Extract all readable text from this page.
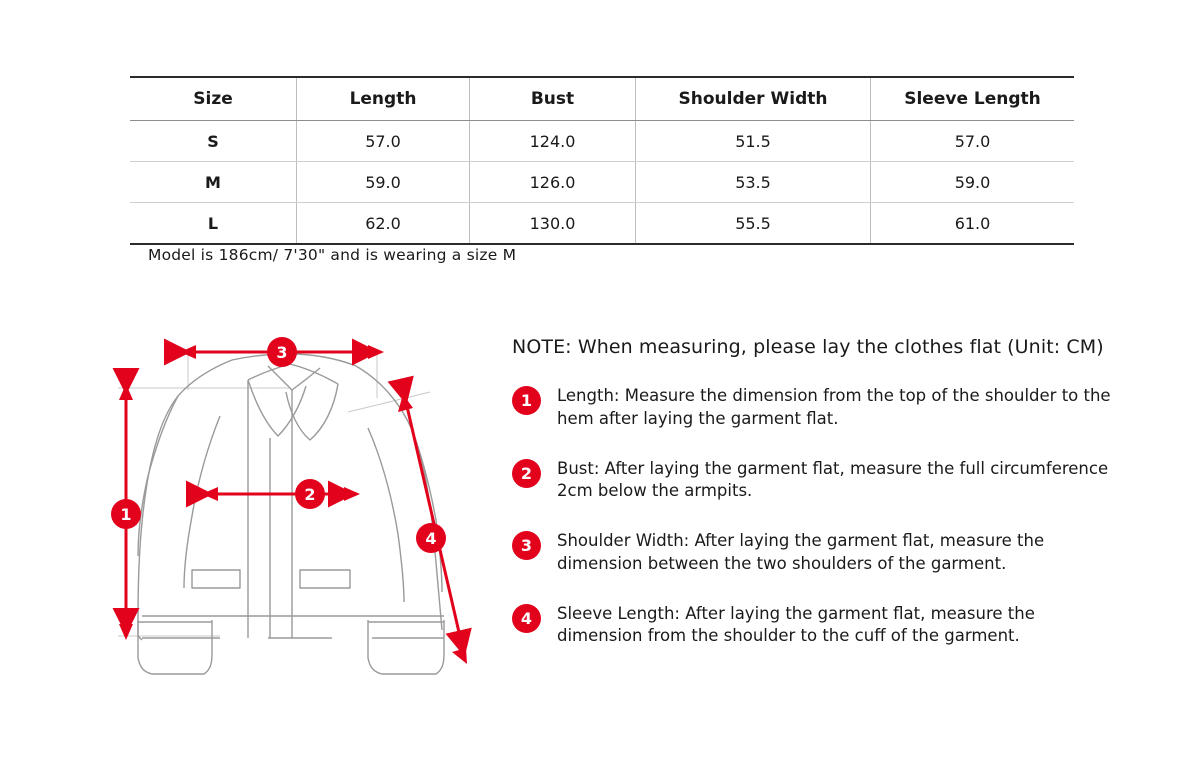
Size	Length	Bust	Shoulder Width	Sleeve Length
S	57.0	124.0	51.5	57.0
M	59.0	126.0	53.5	59.0
L	62.0	130.0	55.5	61.0
Model is 186cm/ 7'30" and is wearing a size M
3
1
2
4

NOTE: When measuring, please lay the clothes flat (Unit: CM)

1	Length: Measure the dimension from the top of the shoulder to the hem after laying the garment flat.
2	Bust: After laying the garment flat, measure the full circumference 2cm below the armpits.
3	Shoulder Width: After laying the garment flat, measure the dimension between the two shoulders of the garment.
4	Sleeve Length: After laying the garment flat, measure the dimension from the shoulder to the cuff of the garment.
